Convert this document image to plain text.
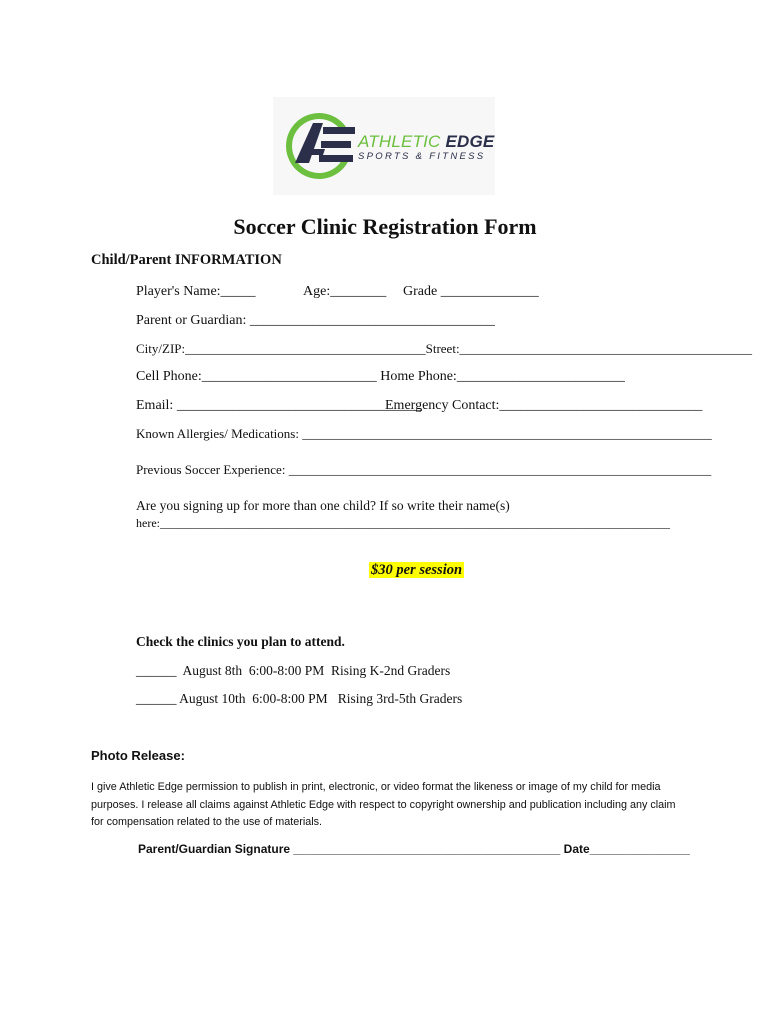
ATHLETIC EDGE
SPORTS & FITNESS
Soccer Clinic Registration Form
Child/Parent INFORMATION
Player's Name:_____	Age:________ Grade ______________
Parent or Guardian: ___________________________________
City/ZIP:_____________________________________Street:_____________________________________________
Cell Phone:_________________________ Home Phone:________________________
Email: ___________________________________
Emergency Contact:_____________________________
Known Allergies/ Medications: _______________________________________________________________
Previous Soccer Experience: _________________________________________________________________
Are you signing up for more than one child? If so write their name(s)
here:_____________________________________________________________________________________

$30 per session

Check the clinics you plan to attend.
______  August 8th  6:00-8:00 PM  Rising K-2nd Graders
______ August 10th  6:00-8:00 PM   Rising 3rd-5th Graders
Photo Release:
I give Athletic Edge permission to publish in print, electronic, or video format the likeness or image of my child for media purposes. I release all claims against Athletic Edge with respect to copyright ownership and publication including any claim for compensation related to the use of materials.
Parent/Guardian Signature ________________________________________ Date_______________
